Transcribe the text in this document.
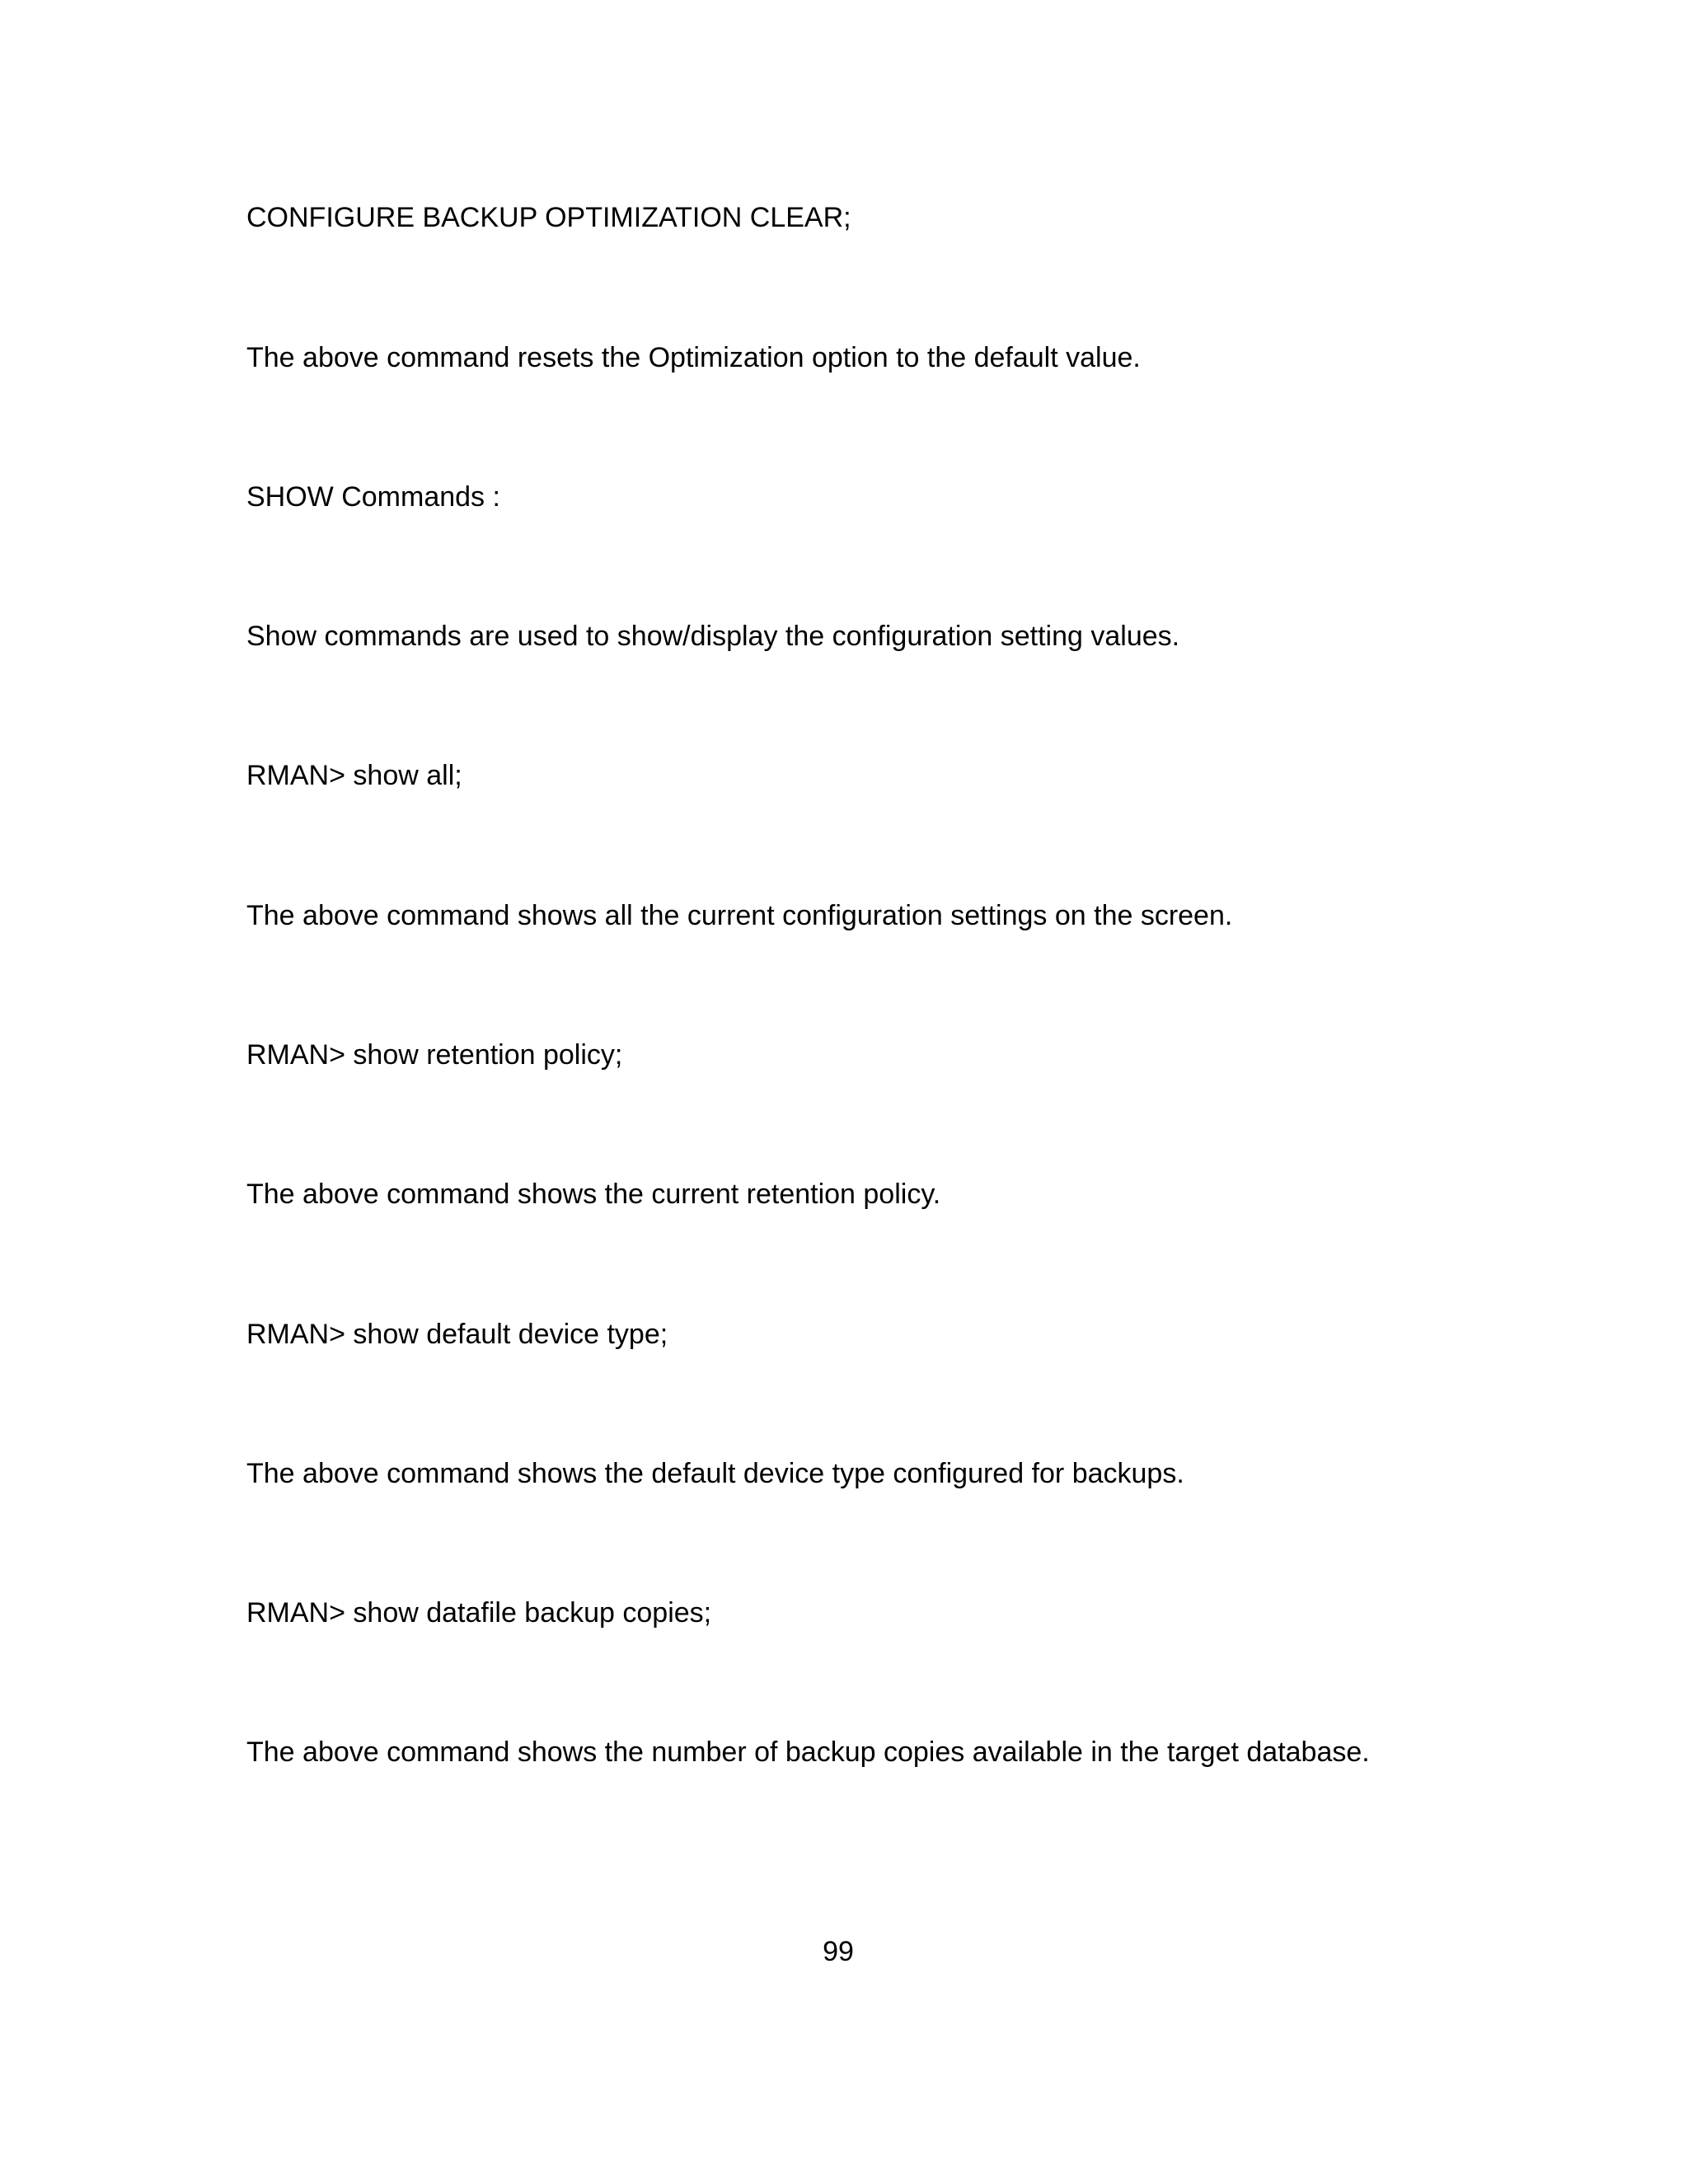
CONFIGURE BACKUP OPTIMIZATION CLEAR;
The above command resets the Optimization option to the default value.
SHOW Commands :
Show commands are used to show/display the configuration setting values.
RMAN> show all;
The above command shows all the current configuration settings on the screen.
RMAN> show retention policy;
The above command shows the current retention policy.
RMAN> show default device type;
The above command shows the default device type configured for backups.
RMAN> show datafile backup copies;
The above command shows the number of backup copies available in the target database.
99
